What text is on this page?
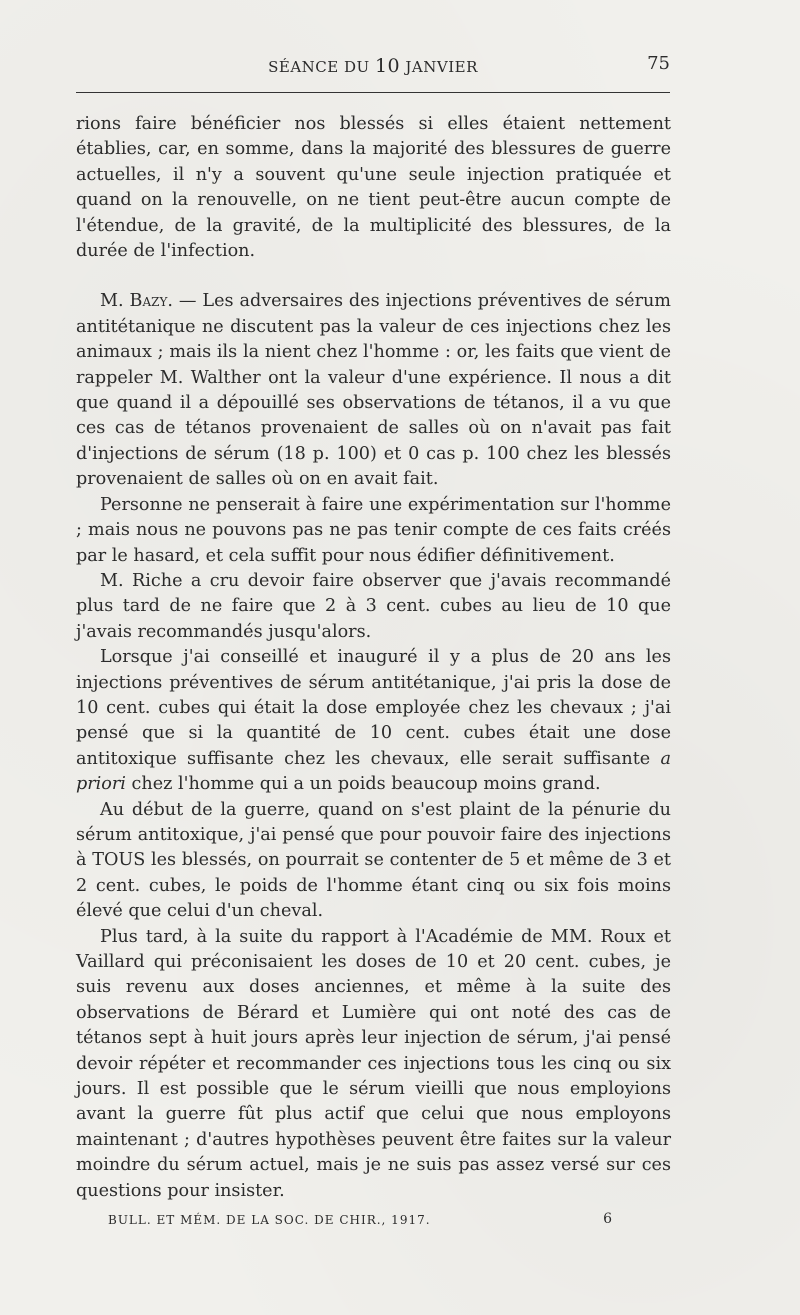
SÉANCE DU 10 JANVIER	75

rions faire bénéficier nos blessés si elles étaient nettement établies, car, en somme, dans la majorité des blessures de guerre actuelles, il n'y a souvent qu'une seule injection pratiquée et quand on la renouvelle, on ne tient peut-être aucun compte de l'étendue, de la gravité, de la multiplicité des blessures, de la durée de l'infection.

M. Bazy. — Les adversaires des injections préventives de sérum antitétanique ne discutent pas la valeur de ces injections chez les animaux ; mais ils la nient chez l'homme : or, les faits que vient de rappeler M. Walther ont la valeur d'une expérience. Il nous a dit que quand il a dépouillé ses observations de tétanos, il a vu que ces cas de tétanos provenaient de salles où on n'avait pas fait d'injections de sérum (18 p. 100) et 0 cas p. 100 chez les blessés provenaient de salles où on en avait fait.

Personne ne penserait à faire une expérimentation sur l'homme ; mais nous ne pouvons pas ne pas tenir compte de ces faits créés par le hasard, et cela suffit pour nous édifier définitivement.

M. Riche a cru devoir faire observer que j'avais recommandé plus tard de ne faire que 2 à 3 cent. cubes au lieu de 10 que j'avais recommandés jusqu'alors.

Lorsque j'ai conseillé et inauguré il y a plus de 20 ans les injections préventives de sérum antitétanique, j'ai pris la dose de 10 cent. cubes qui était la dose employée chez les chevaux ; j'ai pensé que si la quantité de 10 cent. cubes était une dose antitoxique suffisante chez les chevaux, elle serait suffisante a priori chez l'homme qui a un poids beaucoup moins grand.

Au début de la guerre, quand on s'est plaint de la pénurie du sérum antitoxique, j'ai pensé que pour pouvoir faire des injections à TOUS les blessés, on pourrait se contenter de 5 et même de 3 et 2 cent. cubes, le poids de l'homme étant cinq ou six fois moins élevé que celui d'un cheval.

Plus tard, à la suite du rapport à l'Académie de MM. Roux et Vaillard qui préconisaient les doses de 10 et 20 cent. cubes, je suis revenu aux doses anciennes, et même à la suite des observations de Bérard et Lumière qui ont noté des cas de tétanos sept à huit jours après leur injection de sérum, j'ai pensé devoir répéter et recommander ces injections tous les cinq ou six jours. Il est possible que le sérum vieilli que nous employions avant la guerre fût plus actif que celui que nous employons maintenant ; d'autres hypothèses peuvent être faites sur la valeur moindre du sérum actuel, mais je ne suis pas assez versé sur ces questions pour insister.

BULL. ET MÉM. DE LA SOC. DE CHIR., 1917.	6
